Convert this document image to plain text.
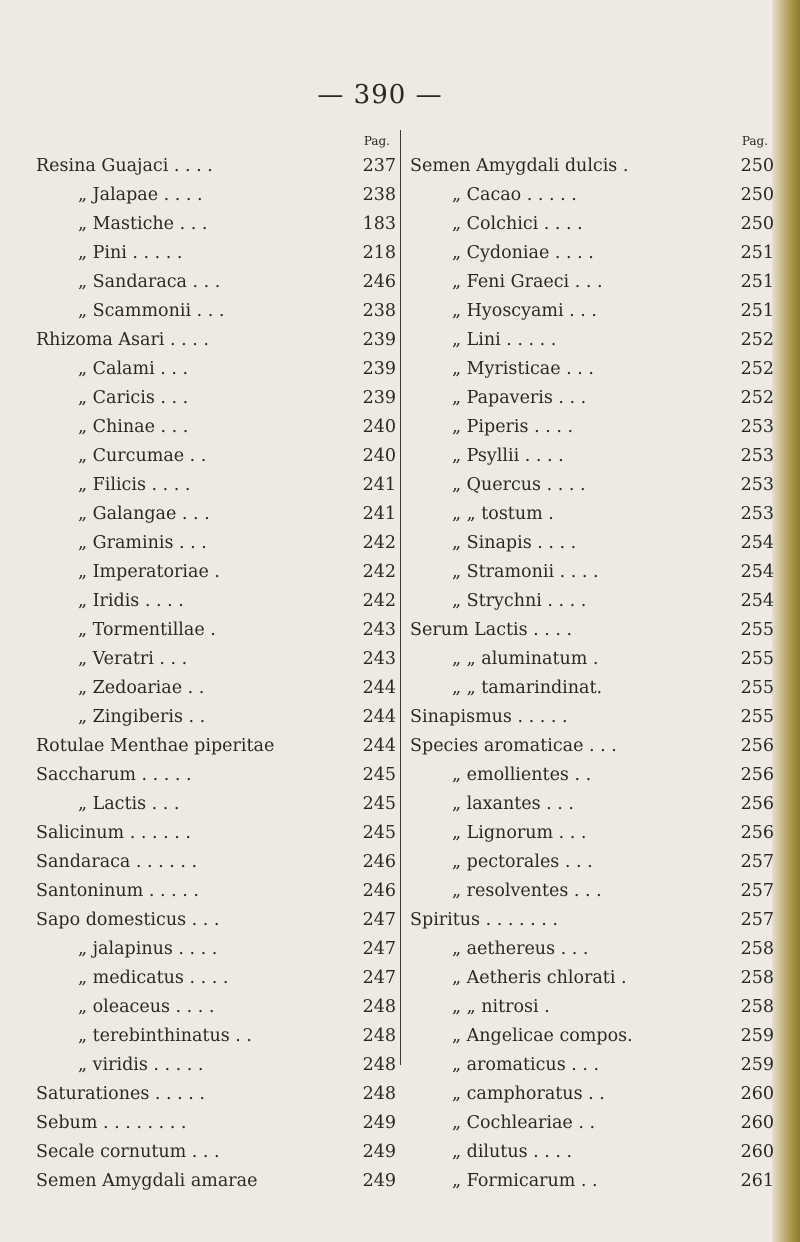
— 390 —
Pag.
Resina Guajaci . . . .	237
„ Jalapae . . . .	238
„ Mastiche . . .	183
„ Pini . . . . .	218
„ Sandaraca . . .	246
„ Scammonii . . .	238
Rhizoma Asari . . . .	239
„ Calami . . .	239
„ Caricis . . .	239
„ Chinae . . .	240
„ Curcumae . .	240
„ Filicis . . . .	241
„ Galangae . . .	241
„ Graminis . . .	242
„ Imperatoriae .	242
„ Iridis . . . .	242
„ Tormentillae .	243
„ Veratri . . .	243
„ Zedoariae . .	244
„ Zingiberis . .	244
Rotulae Menthae piperitae	244
Saccharum . . . . .	245
„ Lactis . . .	245
Salicinum . . . . . .	245
Sandaraca . . . . . .	246
Santoninum . . . . .	246
Sapo domesticus . . .	247
„ jalapinus . . . .	247
„ medicatus . . . .	247
„ oleaceus . . . .	248
„ terebinthinatus . .	248
„ viridis . . . . .	248
Saturationes . . . . .	248
Sebum . . . . . . . .	249
Secale cornutum . . .	249
Semen Amygdali amarae	249
Pag.
Semen Amygdali dulcis .	250
„ Cacao . . . . .	250
„ Colchici . . . .	250
„ Cydoniae . . . .	251
„ Feni Graeci . . .	251
„ Hyoscyami . . .	251
„ Lini . . . . .	252
„ Myristicae . . .	252
„ Papaveris . . .	252
„ Piperis . . . .	253
„ Psyllii . . . .	253
„ Quercus . . . .	253
„ „ tostum .	253
„ Sinapis . . . .	254
„ Stramonii . . . .	254
„ Strychni . . . .	254
Serum Lactis . . . .	255
„ „ aluminatum .	255
„ „ tamarindinat.	255
Sinapismus . . . . .	255
Species aromaticae . . .	256
„ emollientes . .	256
„ laxantes . . .	256
„ Lignorum . . .	256
„ pectorales . . .	257
„ resolventes . . .	257
Spiritus . . . . . . .	257
„ aethereus . . .	258
„ Aetheris chlorati .	258
„ „ nitrosi .	258
„ Angelicae compos.	259
„ aromaticus . . .	259
„ camphoratus . .	260
„ Cochleariae . .	260
„ dilutus . . . .	260
„ Formicarum . .	261
